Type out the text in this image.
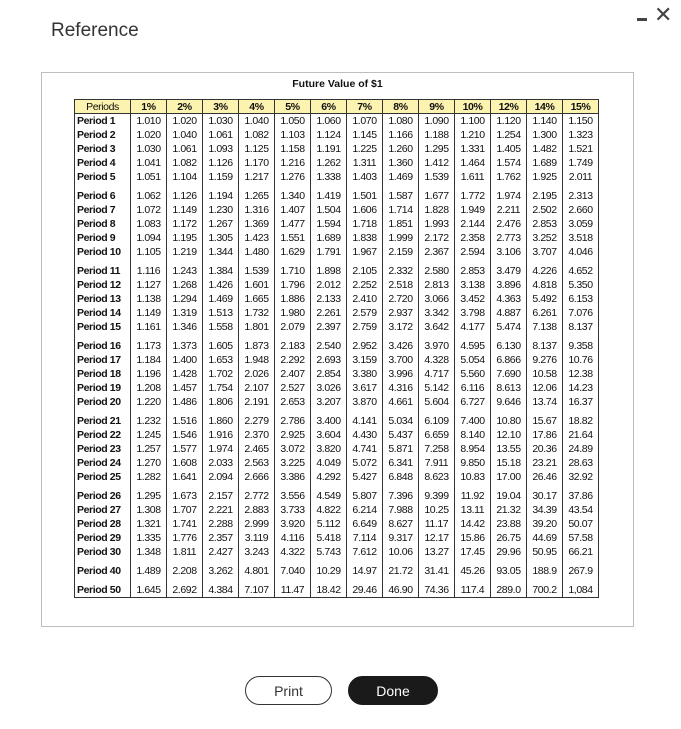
Reference
✕
Future Value of $1
Periods	1%	2%	3%	4%	5%	6%	7%	8%	9%	10%	12%	14%	15%
Period 1	1.010	1.020	1.030	1.040	1.050	1.060	1.070	1.080	1.090	1.100	1.120	1.140	1.150
Period 2	1.020	1.040	1.061	1.082	1.103	1.124	1.145	1.166	1.188	1.210	1.254	1.300	1.323
Period 3	1.030	1.061	1.093	1.125	1.158	1.191	1.225	1.260	1.295	1.331	1.405	1.482	1.521
Period 4	1.041	1.082	1.126	1.170	1.216	1.262	1.311	1.360	1.412	1.464	1.574	1.689	1.749
Period 5	1.051	1.104	1.159	1.217	1.276	1.338	1.403	1.469	1.539	1.611	1.762	1.925	2.011
Period 6	1.062	1.126	1.194	1.265	1.340	1.419	1.501	1.587	1.677	1.772	1.974	2.195	2.313
Period 7	1.072	1.149	1.230	1.316	1.407	1.504	1.606	1.714	1.828	1.949	2.211	2.502	2.660
Period 8	1.083	1.172	1.267	1.369	1.477	1.594	1.718	1.851	1.993	2.144	2.476	2.853	3.059
Period 9	1.094	1.195	1.305	1.423	1.551	1.689	1.838	1.999	2.172	2.358	2.773	3.252	3.518
Period 10	1.105	1.219	1.344	1.480	1.629	1.791	1.967	2.159	2.367	2.594	3.106	3.707	4.046
Period 11	1.116	1.243	1.384	1.539	1.710	1.898	2.105	2.332	2.580	2.853	3.479	4.226	4.652
Period 12	1.127	1.268	1.426	1.601	1.796	2.012	2.252	2.518	2.813	3.138	3.896	4.818	5.350
Period 13	1.138	1.294	1.469	1.665	1.886	2.133	2.410	2.720	3.066	3.452	4.363	5.492	6.153
Period 14	1.149	1.319	1.513	1.732	1.980	2.261	2.579	2.937	3.342	3.798	4.887	6.261	7.076
Period 15	1.161	1.346	1.558	1.801	2.079	2.397	2.759	3.172	3.642	4.177	5.474	7.138	8.137
Period 16	1.173	1.373	1.605	1.873	2.183	2.540	2.952	3.426	3.970	4.595	6.130	8.137	9.358
Period 17	1.184	1.400	1.653	1.948	2.292	2.693	3.159	3.700	4.328	5.054	6.866	9.276	10.76
Period 18	1.196	1.428	1.702	2.026	2.407	2.854	3.380	3.996	4.717	5.560	7.690	10.58	12.38
Period 19	1.208	1.457	1.754	2.107	2.527	3.026	3.617	4.316	5.142	6.116	8.613	12.06	14.23
Period 20	1.220	1.486	1.806	2.191	2.653	3.207	3.870	4.661	5.604	6.727	9.646	13.74	16.37
Period 21	1.232	1.516	1.860	2.279	2.786	3.400	4.141	5.034	6.109	7.400	10.80	15.67	18.82
Period 22	1.245	1.546	1.916	2.370	2.925	3.604	4.430	5.437	6.659	8.140	12.10	17.86	21.64
Period 23	1.257	1.577	1.974	2.465	3.072	3.820	4.741	5.871	7.258	8.954	13.55	20.36	24.89
Period 24	1.270	1.608	2.033	2.563	3.225	4.049	5.072	6.341	7.911	9.850	15.18	23.21	28.63
Period 25	1.282	1.641	2.094	2.666	3.386	4.292	5.427	6.848	8.623	10.83	17.00	26.46	32.92
Period 26	1.295	1.673	2.157	2.772	3.556	4.549	5.807	7.396	9.399	11.92	19.04	30.17	37.86
Period 27	1.308	1.707	2.221	2.883	3.733	4.822	6.214	7.988	10.25	13.11	21.32	34.39	43.54
Period 28	1.321	1.741	2.288	2.999	3.920	5.112	6.649	8.627	11.17	14.42	23.88	39.20	50.07
Period 29	1.335	1.776	2.357	3.119	4.116	5.418	7.114	9.317	12.17	15.86	26.75	44.69	57.58
Period 30	1.348	1.811	2.427	3.243	4.322	5.743	7.612	10.06	13.27	17.45	29.96	50.95	66.21
Period 40	1.489	2.208	3.262	4.801	7.040	10.29	14.97	21.72	31.41	45.26	93.05	188.9	267.9
Period 50	1.645	2.692	4.384	7.107	11.47	18.42	29.46	46.90	74.36	117.4	289.0	700.2	1,084
Print	Done
